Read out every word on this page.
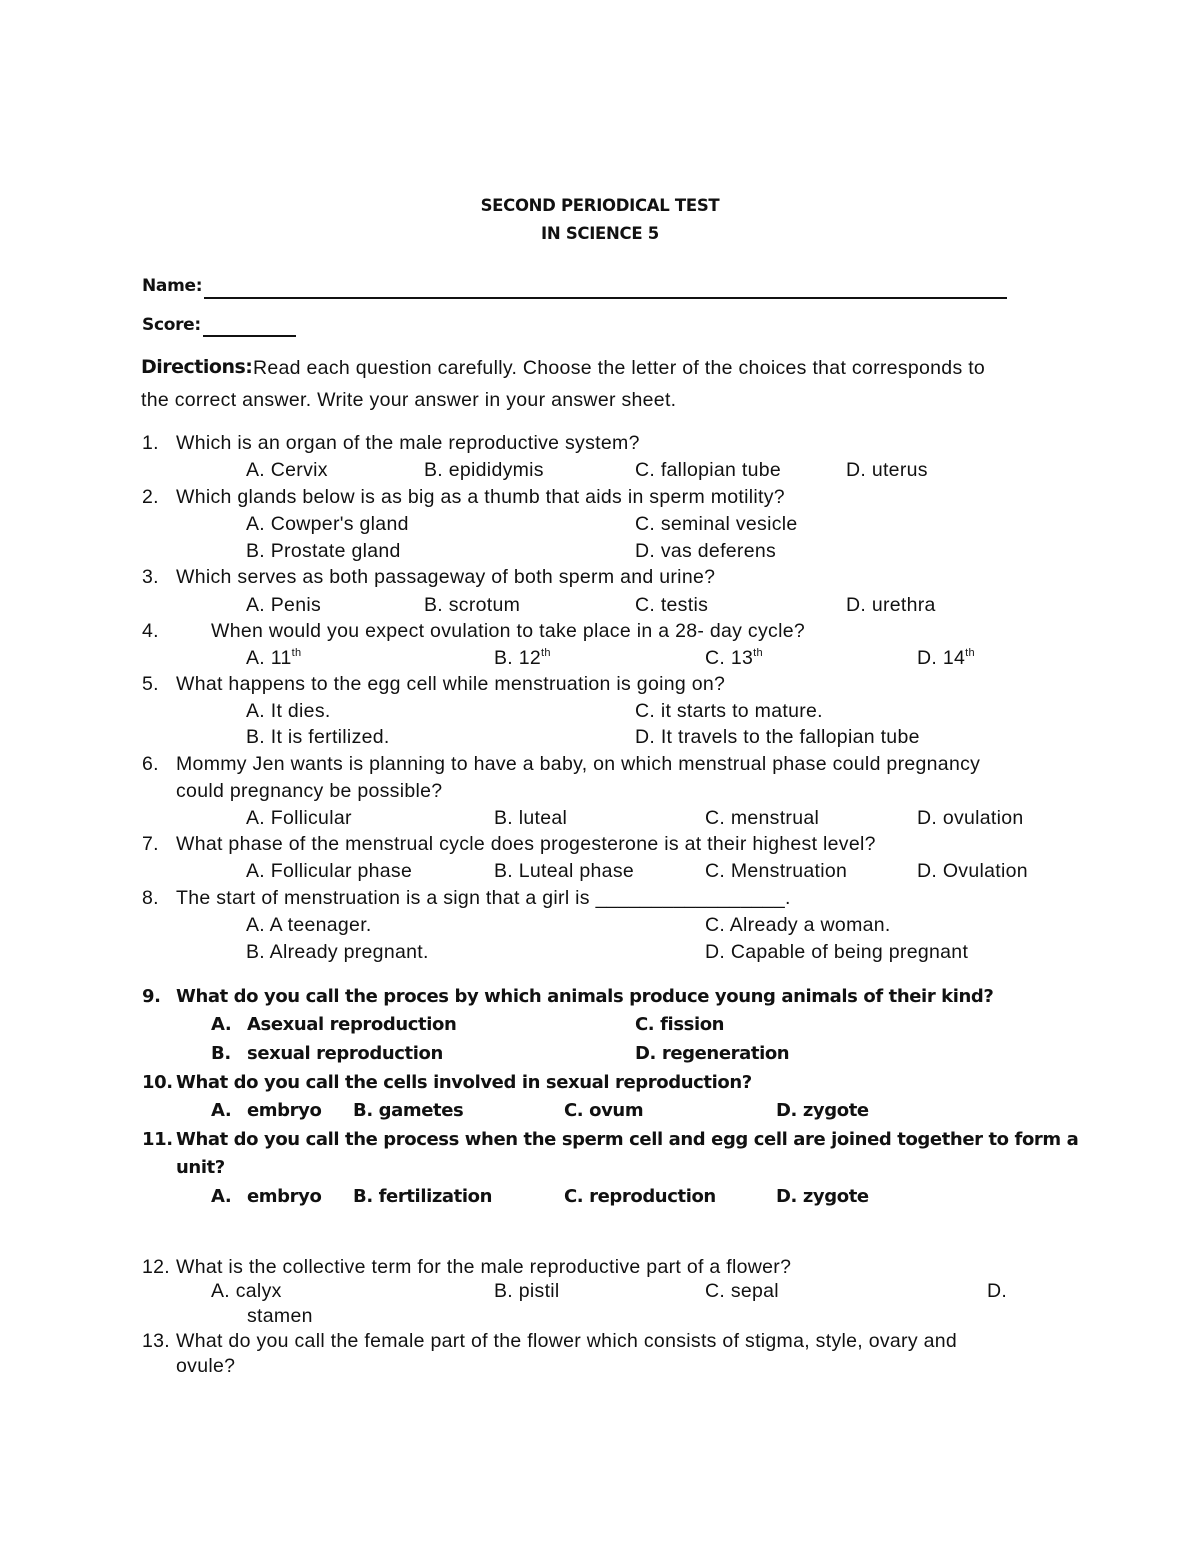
SECOND PERIODICAL TEST
IN SCIENCE 5
Name:
Score:
Directions: Read each question carefully. Choose the letter of the choices that corresponds to
the correct answer. Write your answer in your answer sheet.
1. Which is an organ of the male reproductive system?
A. Cervix	B. epididymis	C. fallopian tube	D. uterus
2. Which glands below is as big as a thumb that aids in sperm motility?
A. Cowper's gland	C. seminal vesicle
B. Prostate gland	D. vas deferens
3. Which serves as both passageway of both sperm and urine?
A. Penis	B. scrotum	C. testis	D. urethra
4.	When would you expect ovulation to take place in a 28- day cycle?
A. 11th	B. 12th	C. 13th	D. 14th
5. What happens to the egg cell while menstruation is going on?
A. It dies.	C. it starts to mature.
B. It is fertilized.	D. It travels to the fallopian tube
6. Mommy Jen wants is planning to have a baby, on which menstrual phase could pregnancy
could pregnancy be possible?
A. Follicular	B. luteal	C. menstrual	D. ovulation
7. What phase of the menstrual cycle does progesterone is at their highest level?
A. Follicular phase	B. Luteal phase	C. Menstruation	D. Ovulation
8. The start of menstruation is a sign that a girl is _________________.
A. A teenager.	C. Already a woman.
B. Already pregnant.	D. Capable of being pregnant
9. What do you call the proces by which animals produce young animals of their kind?
A. Asexual reproduction	C. fission
B. sexual reproduction	D. regeneration
10. What do you call the cells involved in sexual reproduction?
A. embryo B. gametes	C. ovum	D. zygote
11. What do you call the process when the sperm cell and egg cell are joined together to form a
unit?
A. embryo B. fertilization	C. reproduction	D. zygote
12. What is the collective term for the male reproductive part of a flower?
A. calyx	B. pistil	C. sepal	D.
stamen
13. What do you call the female part of the flower which consists of stigma, style, ovary and
ovule?
